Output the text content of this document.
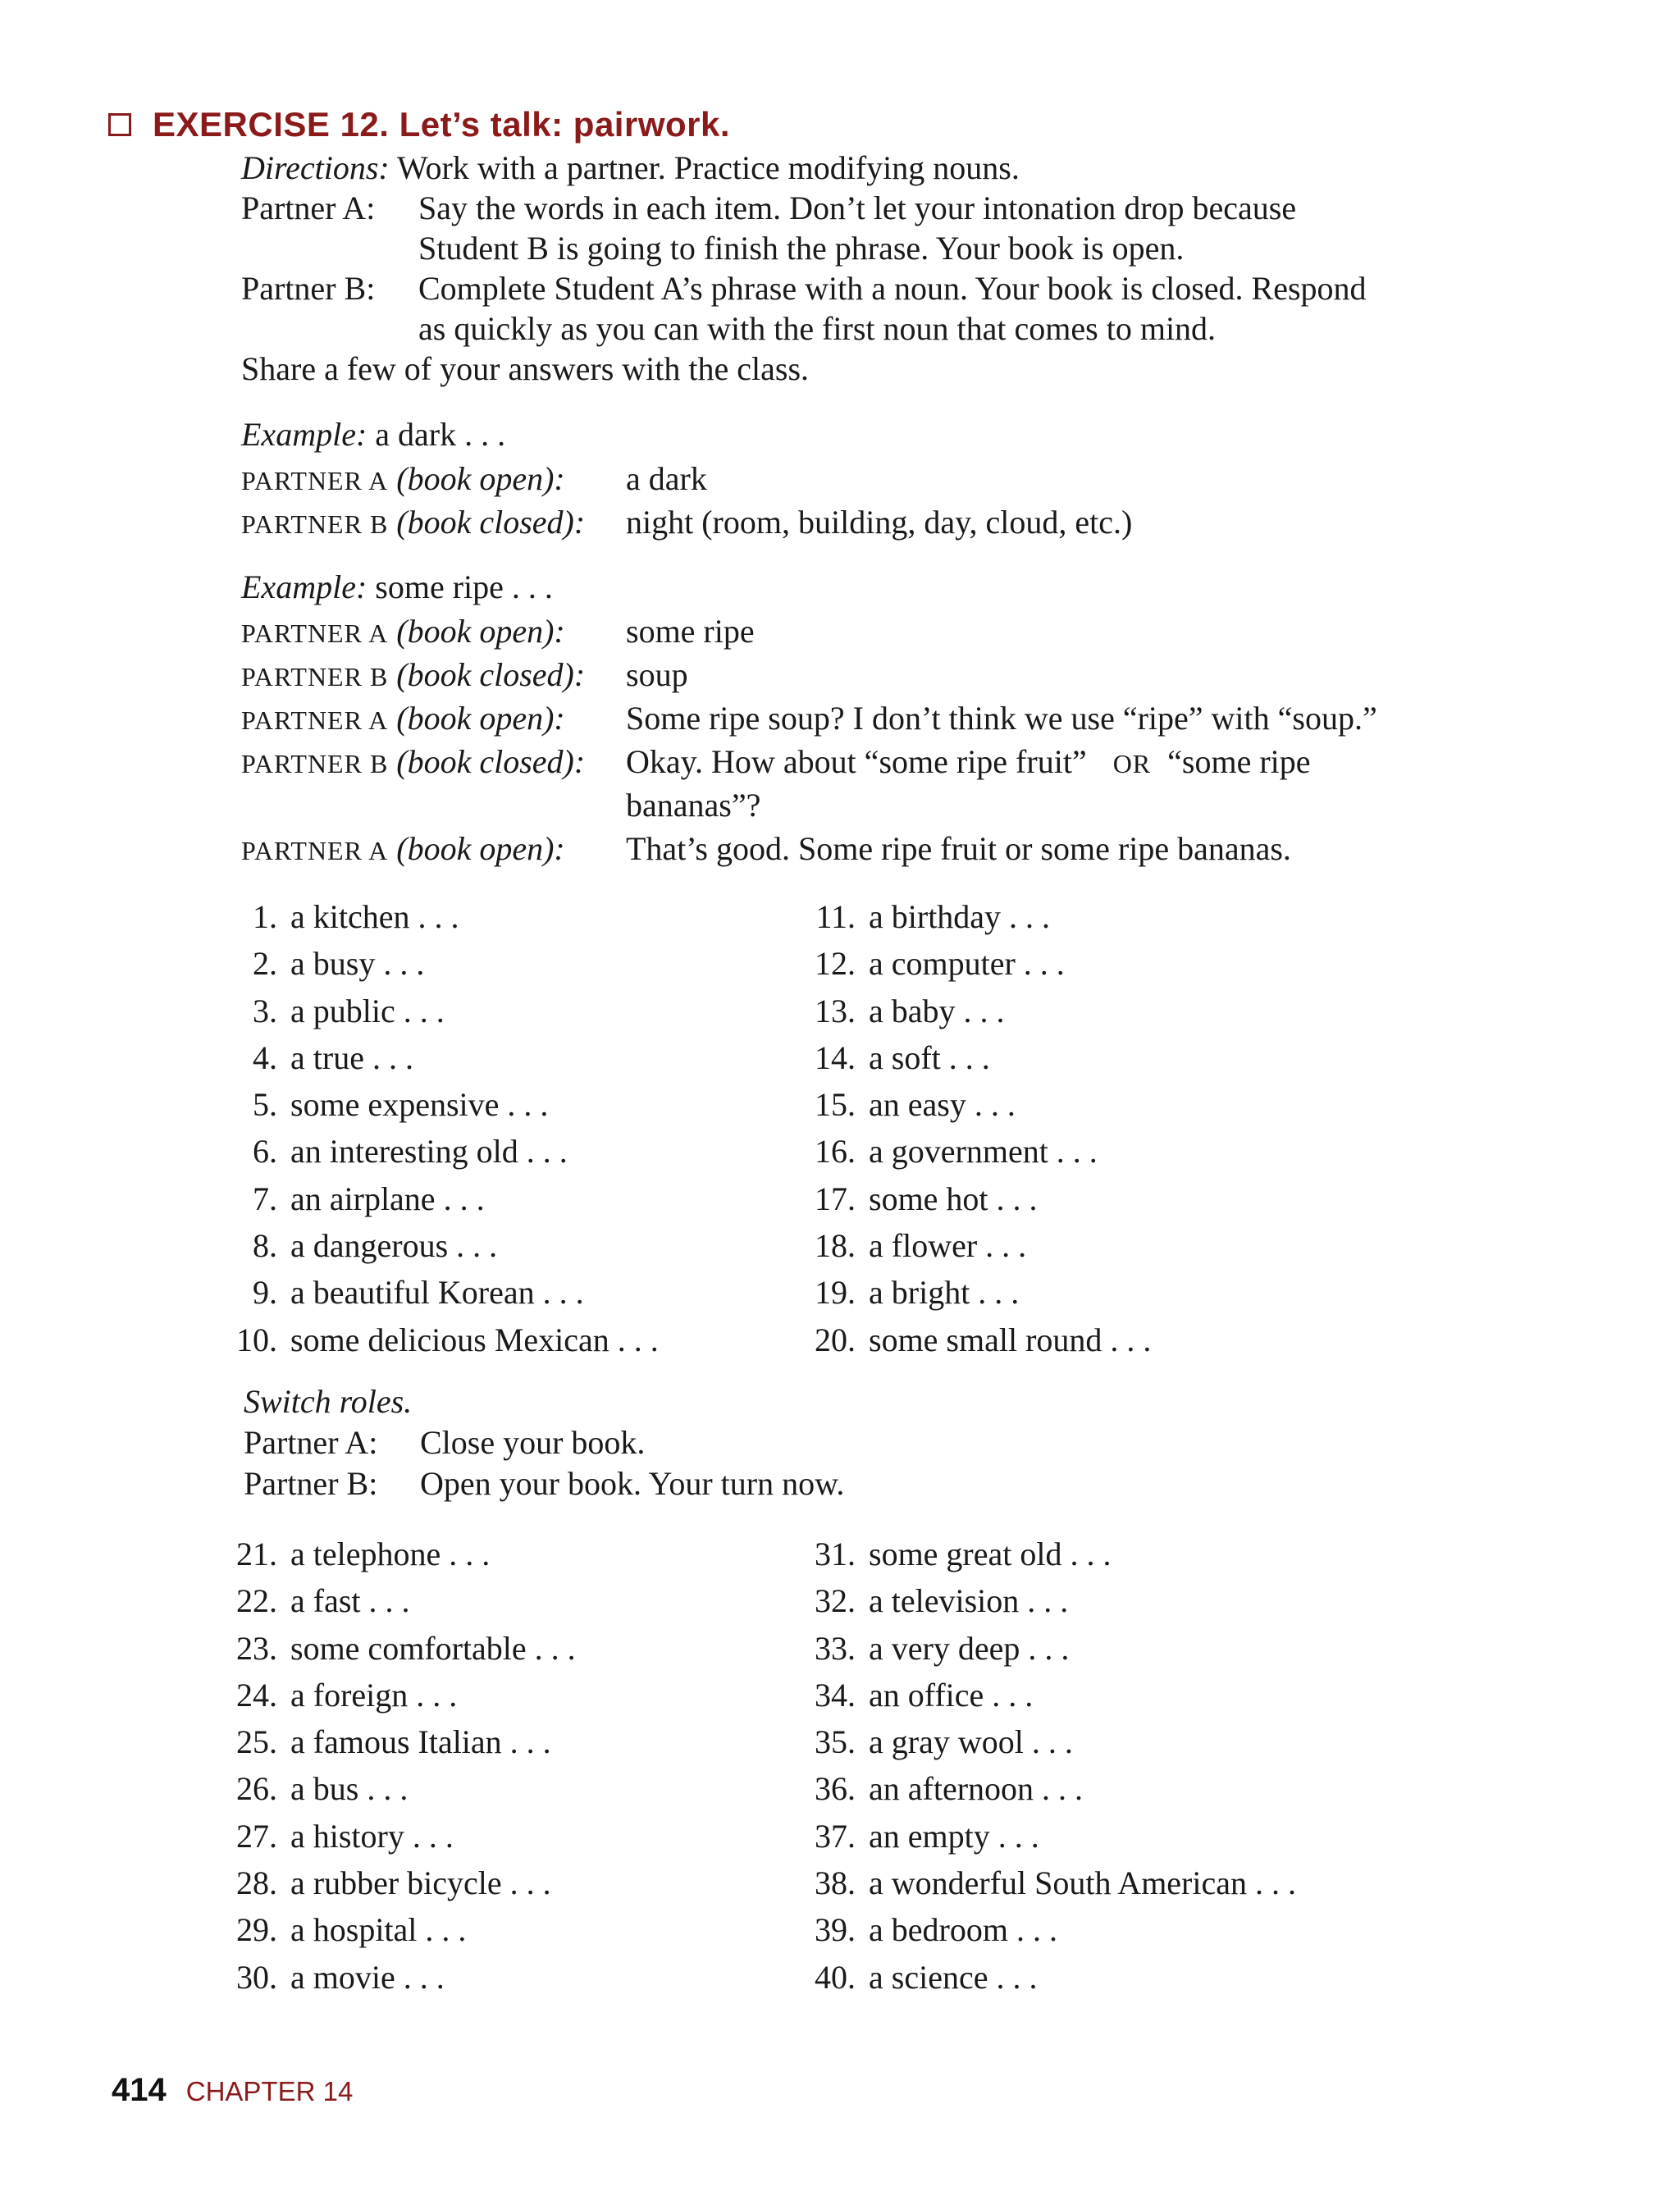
EXERCISE 12. Let’s talk: pairwork.
Directions: Work with a partner. Practice modifying nouns.
Partner A: Say the words in each item. Don’t let your intonation drop because
Student B is going to finish the phrase. Your book is open.
Partner B: Complete Student A’s phrase with a noun. Your book is closed. Respond
as quickly as you can with the first noun that comes to mind.
Share a few of your answers with the class.
Example: a dark . . .
PARTNER A (book open): a dark
PARTNER B (book closed): night (room, building, day, cloud, etc.)
Example: some ripe . . .
PARTNER A (book open): some ripe
PARTNER B (book closed): soup
PARTNER A (book open): Some ripe soup? I don’t think we use “ripe” with “soup.”
PARTNER B (book closed): Okay. How about “some ripe fruit” OR “some ripe
bananas”?
PARTNER A (book open): That’s good. Some ripe fruit or some ripe bananas.
1. a kitchen . . .
2. a busy . . .
3. a public . . .
4. a true . . .
5. some expensive . . .
6. an interesting old . . .
7. an airplane . . .
8. a dangerous . . .
9. a beautiful Korean . . .
10. some delicious Mexican . . .
11. a birthday . . .
12. a computer . . .
13. a baby . . .
14. a soft . . .
15. an easy . . .
16. a government . . .
17. some hot . . .
18. a flower . . .
19. a bright . . .
20. some small round . . .
Switch roles.
Partner A: Close your book.
Partner B: Open your book. Your turn now.
21. a telephone . . .
22. a fast . . .
23. some comfortable . . .
24. a foreign . . .
25. a famous Italian . . .
26. a bus . . .
27. a history . . .
28. a rubber bicycle . . .
29. a hospital . . .
30. a movie . . .
31. some great old . . .
32. a television . . .
33. a very deep . . .
34. an office . . .
35. a gray wool . . .
36. an afternoon . . .
37. an empty . . .
38. a wonderful South American . . .
39. a bedroom . . .
40. a science . . .
414 CHAPTER 14
